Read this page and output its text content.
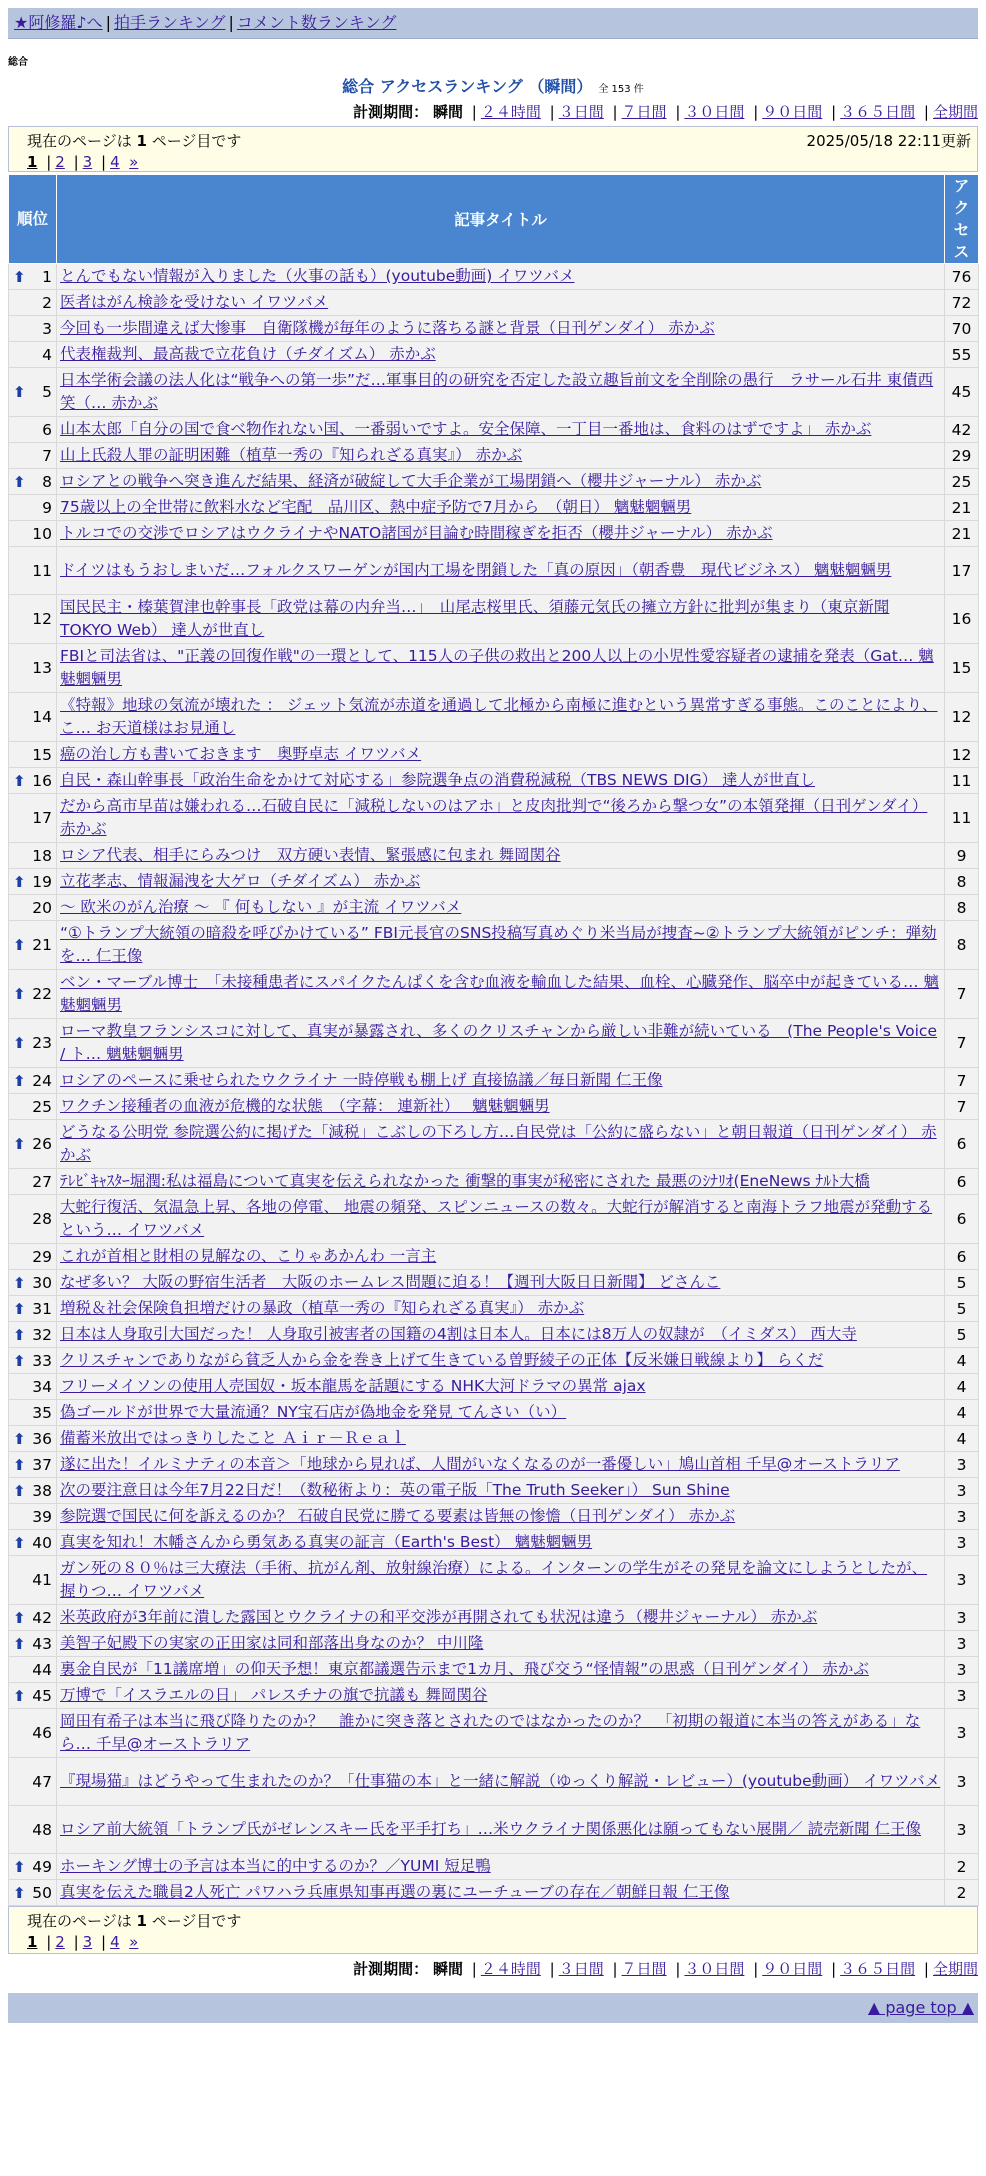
★阿修羅♪へ | 拍手ランキング | コメント数ランキング
総合
総合 アクセスランキング （瞬間） 全 153 件
計測期間： 瞬間 | ２４時間 | ３日間 | ７日間 | ３０日間 | ９０日間 | ３６５日間 | 全期間
現在のページは 1 ページ目です	2025/05/18 22:11更新
1 | 2 | 3 | 4 »
順位	記事タイトル	アクセス

⬆ 1	とんでもない情報が入りました（火事の話も）(youtube動画) イワツバメ	76
2	医者はがん検診を受けない イワツバメ	72
3	今回も一歩間違えば大惨事　自衛隊機が毎年のように落ちる謎と背景（日刊ゲンダイ） 赤かぶ	70
4	代表権裁判、最高裁で立花負け（チダイズム） 赤かぶ	55

⬆ 5	日本学術会議の法人化は“戦争への第一歩”だ…軍事目的の研究を否定した設立趣旨前文を全削除の愚行　ラサール石井 東債西笑（… 赤かぶ	45
6	山本太郎「自分の国で食べ物作れない国、一番弱いですよ。安全保障、一丁目一番地は、食料のはずですよ」 赤かぶ	42
7	山上氏殺人罪の証明困難（植草一秀の『知られざる真実』） 赤かぶ	29

⬆ 8	ロシアとの戦争へ突き進んだ結果、経済が破綻して大手企業が工場閉鎖へ（櫻井ジャーナル） 赤かぶ	25
9	75歳以上の全世帯に飲料水など宅配　品川区、熱中症予防で7月から　（朝日） 魑魅魍魎男	21
10	トルコでの交渉でロシアはウクライナやNATO諸国が目論む時間稼ぎを拒否（櫻井ジャーナル） 赤かぶ	21
11	ドイツはもうおしまいだ…フォルクスワーゲンが国内工場を閉鎖した「真の原因」（朝香豊　現代ビジネス） 魑魅魍魎男	17
12	国民民主・榛葉賀津也幹事長「政党は幕の内弁当…」　山尾志桜里氏、須藤元気氏の擁立方針に批判が集まり（東京新聞 TOKYO Web） 達人が世直し	16
13	FBIと司法省は、"正義の回復作戦"の一環として、115人の子供の救出と200人以上の小児性愛容疑者の逮捕を発表（Gat… 魑魅魍魎男	15
14	《特報》地球の気流が壊れた ： ジェット気流が赤道を通過して北極から南極に進むという異常すぎる事態。このことにより、こ… お天道様はお見通し	12
15	癌の治し方も書いておきます　奥野卓志 イワツバメ	12

⬆ 16	自民・森山幹事長「政治生命をかけて対応する」参院選争点の消費税減税（TBS NEWS DIG） 達人が世直し	11
17	だから高市早苗は嫌われる…石破自民に「減税しないのはアホ」と皮肉批判で“後ろから撃つ女”の本領発揮（日刊ゲンダイ） 赤かぶ	11
18	ロシア代表、相手にらみつけ　双方硬い表情、緊張感に包まれ 舞岡関谷	9

⬆ 19	立花孝志、情報漏洩を大ゲロ（チダイズム） 赤かぶ	8
20	～ 欧米のがん治療 ～ 『 何もしない 』が主流 イワツバメ	8

⬆ 21	“①トランプ大統領の暗殺を呼びかけている” FBI元長官のSNS投稿写真めぐり米当局が捜査~②トランプ大統領がピンチ：弾劾を… 仁王像	8

⬆ 22	ベン・マーブル博士　「未接種患者にスパイクたんぱくを含む血液を輸血した結果、血栓、心臓発作、脳卒中が起きている… 魑魅魍魎男	7

⬆ 23	ローマ教皇フランシスコに対して、真実が暴露され、多くのクリスチャンから厳しい非難が続いている　(The People's Voice / ト… 魑魅魍魎男	7

⬆ 24	ロシアのペースに乗せられたウクライナ 一時停戦も棚上げ 直接協議／毎日新聞 仁王像	7
25	ワクチン接種者の血液が危機的な状態　（字幕： 連新社）　 魑魅魍魎男	7

⬆ 26	どうなる公明党 参院選公約に掲げた「減税」こぶしの下ろし方…自民党は「公約に盛らない」と朝日報道（日刊ゲンダイ） 赤かぶ	6
27	ﾃﾚﾋﾞｷｬｽﾀｰ堀潤:私は福島について真実を伝えられなかった 衝撃的事実が秘密にされた 最悪のｼﾅﾘｵ(EneNews ﾅﾙﾄ大橋	6
28	大蛇行復活、気温急上昇、各地の停電、 地震の頻発、スピンニュースの数々。大蛇行が解消すると南海トラフ地震が発動するという… イワツバメ	6
29	これが首相と財相の見解なの、こりゃあかんわ 一言主	6

⬆ 30	なぜ多い？ 大阪の野宿生活者　大阪のホームレス問題に迫る！【週刊大阪日日新聞】 どさんこ	5

⬆ 31	増税＆社会保険負担増だけの暴政（植草一秀の『知られざる真実』） 赤かぶ	5

⬆ 32	日本は人身取引大国だった！ 人身取引被害者の国籍の4割は日本人。日本には8万人の奴隷が　（イミダス） 西大寺	5

⬆ 33	クリスチャンでありながら貧乏人から金を巻き上げて生きている曽野綾子の正体【反米嫌日戦線より】 らくだ	4
34	フリーメイソンの使用人売国奴・坂本龍馬を話題にする NHK大河ドラマの異常 ajax	4
35	偽ゴールドが世界で大量流通？NY宝石店が偽地金を発見 てんさい（い）	4

⬆ 36	備蓄米放出ではっきりしたこと Ａｉｒ－Ｒｅａｌ	4

⬆ 37	遂に出た！イルミナティの本音＞「地球から見れば、人間がいなくなるのが一番優しい」鳩山首相 千早@オーストラリア	3

⬆ 38	次の要注意日は今年7月22日だ！（数秘術より：英の電子版「The Truth Seeker」） Sun Shine	3
39	参院選で国民に何を訴えるのか？ 石破自民党に勝てる要素は皆無の惨憺（日刊ゲンダイ） 赤かぶ	3

⬆ 40	真実を知れ！木幡さんから勇気ある真実の証言（Earth's Best） 魑魅魍魎男	3
41	ガン死の８０％は三大療法（手術、抗がん剤、放射線治療）による。インターンの学生がその発見を論文にしようとしたが、握りつ… イワツバメ	3

⬆ 42	米英政府が3年前に潰した露国とウクライナの和平交渉が再開されても状況は違う（櫻井ジャーナル） 赤かぶ	3

⬆ 43	美智子妃殿下の実家の正田家は同和部落出身なのか？ 中川隆	3
44	裏金自民が「11議席増」の仰天予想！東京都議選告示まで1カ月、飛び交う“怪情報”の思惑（日刊ゲンダイ） 赤かぶ	3

⬆ 45	万博で「イスラエルの日」 パレスチナの旗で抗議も 舞岡関谷	3
46	岡田有希子は本当に飛び降りたのか？　誰かに突き落とされたのではなかったのか？　「初期の報道に本当の答えがある」なら… 千早@オーストラリア	3
47	『現場猫』はどうやって生まれたのか？「仕事猫の本」と一緒に解説（ゆっくり解説・レビュー）(youtube動画） イワツバメ	3
48	ロシア前大統領「トランプ氏がゼレンスキー氏を平手打ち」…米ウクライナ関係悪化は願ってもない展開／ 読売新聞 仁王像	3

⬆ 49	ホーキング博士の予言は本当に的中するのか？／YUMI 短足鴨	2

⬆ 50	真実を伝えた職員2人死亡 パワハラ兵庫県知事再選の裏にユーチューブの存在／朝鮮日報 仁王像	2
現在のページは 1 ページ目です
1 | 2 | 3 | 4 »
計測期間： 瞬間 | ２４時間 | ３日間 | ７日間 | ３０日間 | ９０日間 | ３６５日間 | 全期間
▲ page top ▲
